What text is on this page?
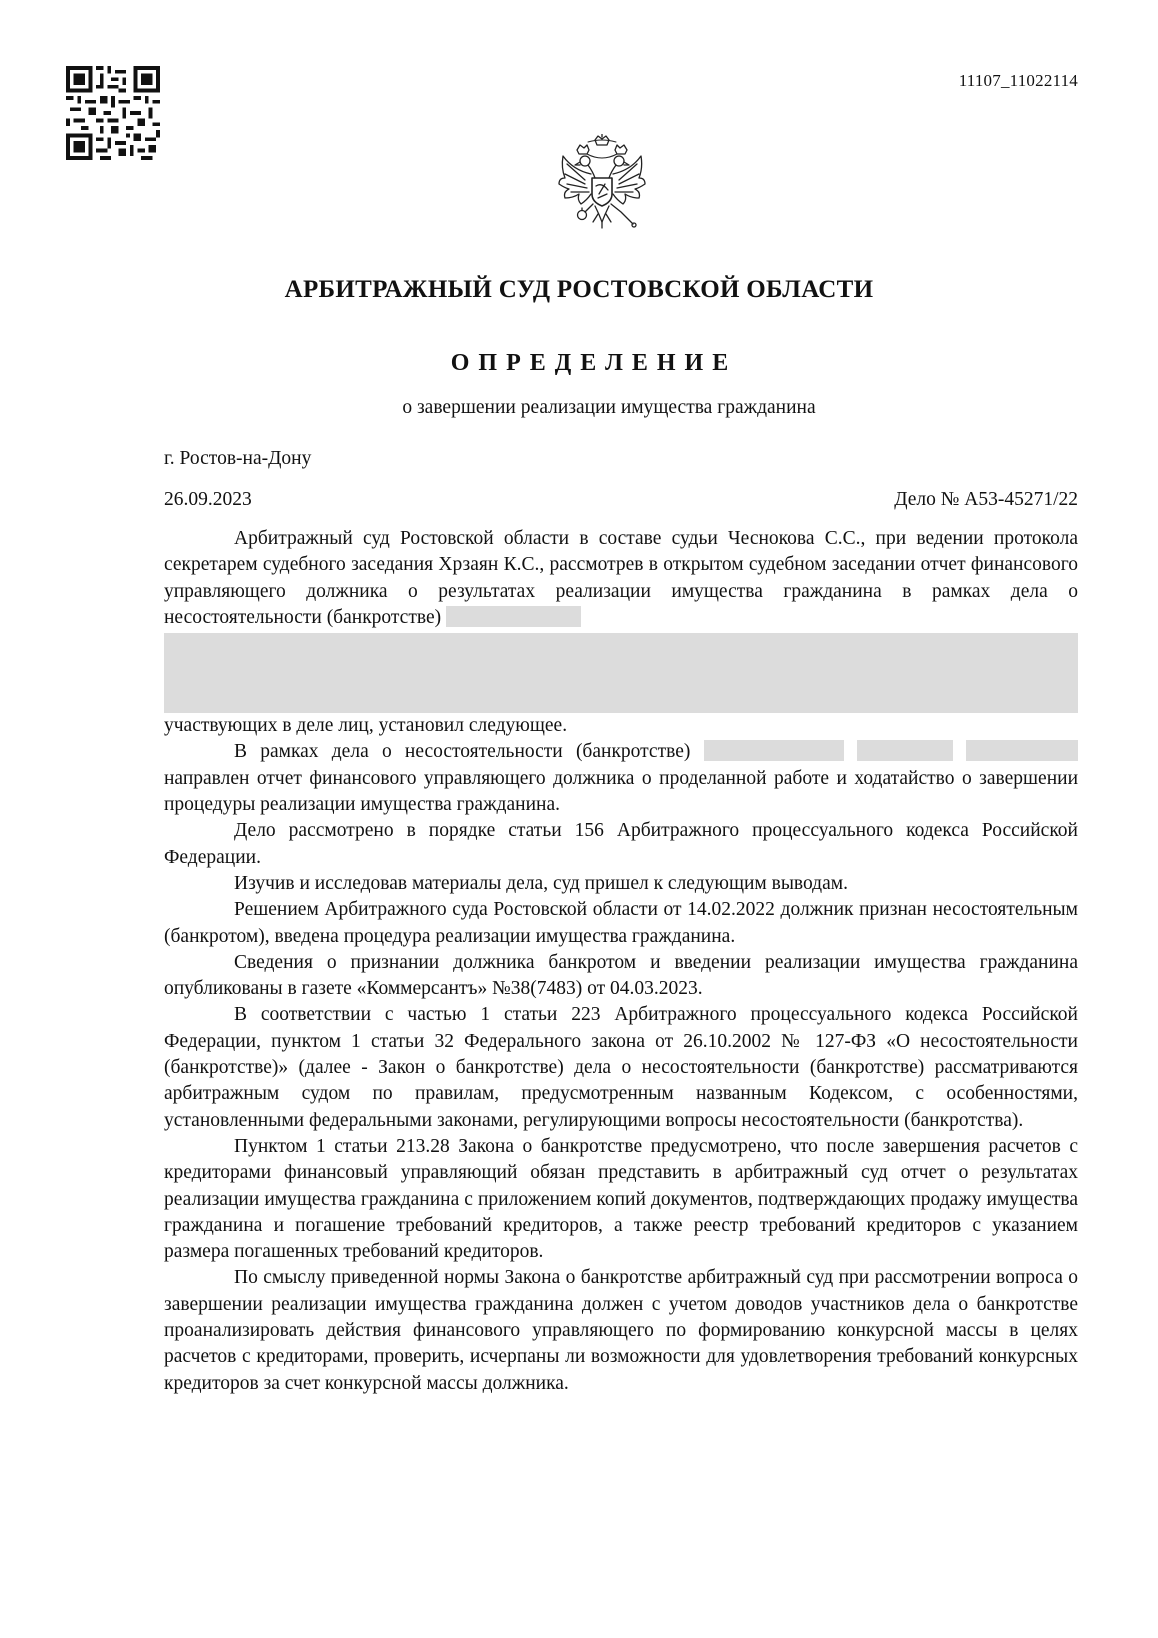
11107_11022114
АРБИТРАЖНЫЙ СУД РОСТОВСКОЙ ОБЛАСТИ
ОПРЕДЕЛЕНИЕ
о завершении реализации имущества гражданина
г. Ростов-на-Дону
26.09.2023	Дело № А53-45271/22

Арбитражный суд Ростовской области в составе судьи Чеснокова С.С., при ведении протокола секретарем судебного заседания Хрзаян К.С., рассмотрев в открытом судебном заседании отчет финансового управляющего должника о результатах реализации имущества гражданина в рамках дела о несостоятельности (банкротстве)

участвующих в деле лиц, установил следующее.

В рамках дела о несостоятельности (банкротстве)    направлен отчет финансового управляющего должника о проделанной работе и ходатайство о завершении процедуры реализации имущества гражданина.

Дело рассмотрено в порядке статьи 156 Арбитражного процессуального кодекса Российской Федерации.

Изучив и исследовав материалы дела, суд пришел к следующим выводам.

Решением Арбитражного суда Ростовской области от 14.02.2022 должник признан несостоятельным (банкротом), введена процедура реализации имущества гражданина.

Сведения о признании должника банкротом и введении реализации имущества гражданина опубликованы в газете «Коммерсантъ» №38(7483) от 04.03.2023.

В соответствии с частью 1 статьи 223 Арбитражного процессуального кодекса Российской Федерации, пунктом 1 статьи 32 Федерального закона от 26.10.2002 № 127-ФЗ «О несостоятельности (банкротстве)» (далее - Закон о банкротстве) дела о несостоятельности (банкротстве) рассматриваются арбитражным судом по правилам, предусмотренным названным Кодексом, с особенностями, установленными федеральными законами, регулирующими вопросы несостоятельности (банкротства).

Пунктом 1 статьи 213.28 Закона о банкротстве предусмотрено, что после завершения расчетов с кредиторами финансовый управляющий обязан представить в арбитражный суд отчет о результатах реализации имущества гражданина с приложением копий документов, подтверждающих продажу имущества гражданина и погашение требований кредиторов, а также реестр требований кредиторов с указанием размера погашенных требований кредиторов.

По смыслу приведенной нормы Закона о банкротстве арбитражный суд при рассмотрении вопроса о завершении реализации имущества гражданина должен с учетом доводов участников дела о банкротстве проанализировать действия финансового управляющего по формированию конкурсной массы в целях расчетов с кредиторами, проверить, исчерпаны ли возможности для удовлетворения требований конкурсных кредиторов за счет конкурсной массы должника.
